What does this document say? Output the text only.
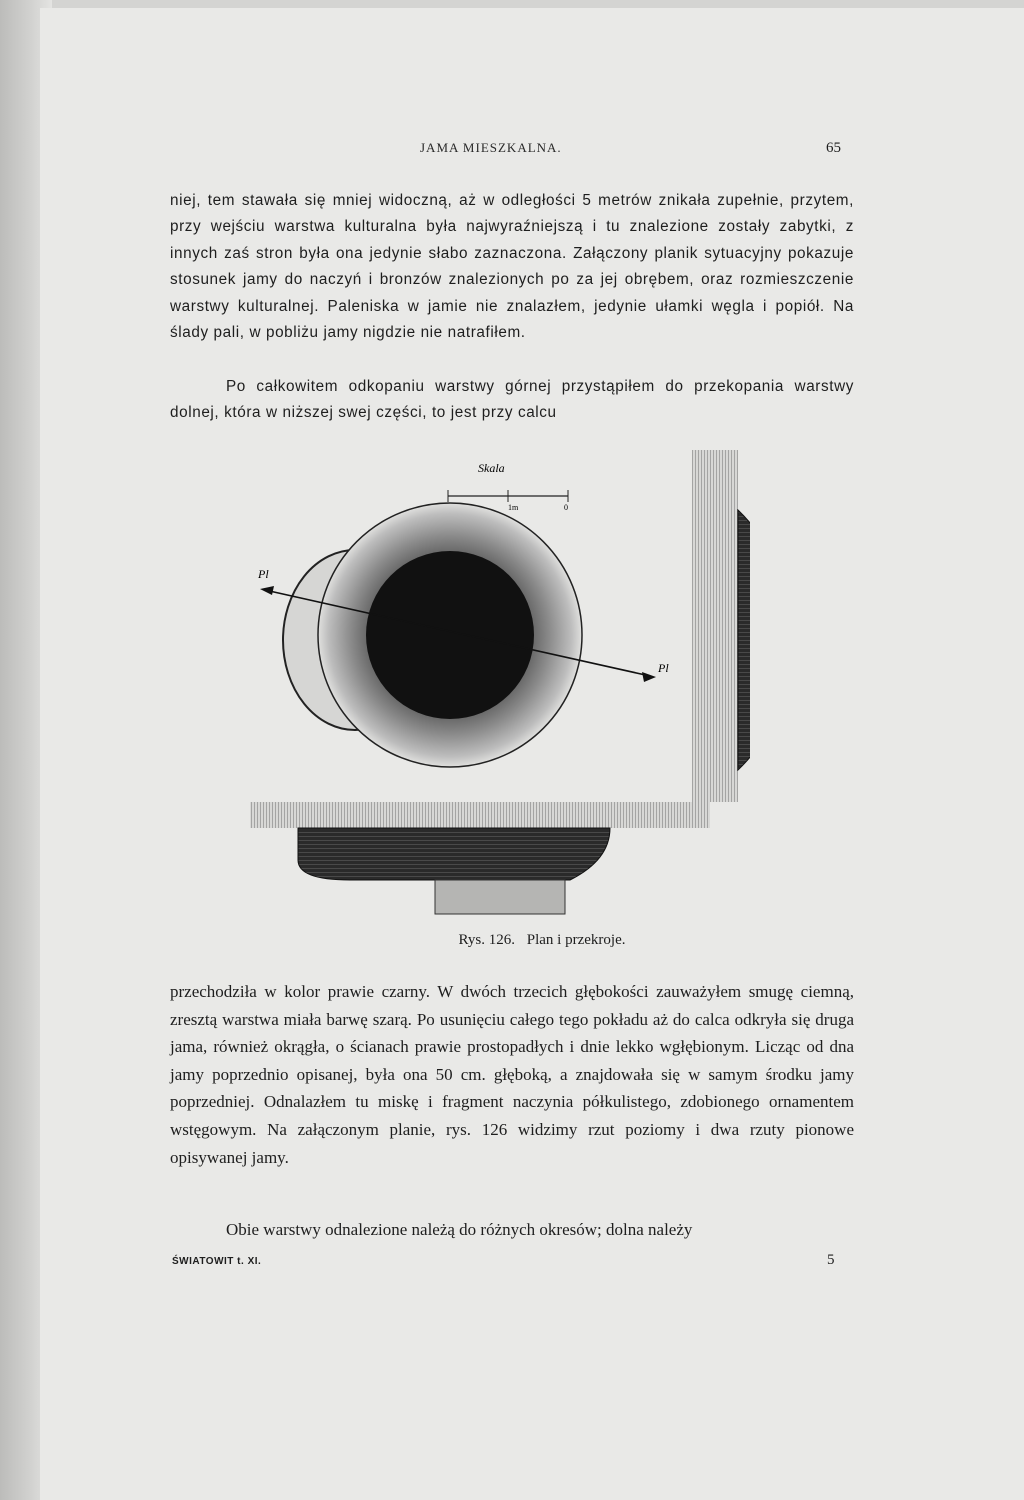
JAMA MIESZKALNA.	65

niej, tem stawała się mniej widoczną, aż w odległości 5 metrów znikała zupełnie, przytem, przy wejściu warstwa kulturalna była najwyraźniejszą i tu znalezione zostały zabytki, z innych zaś stron była ona jedynie słabo zaznaczona. Załączony planik sytuacyjny pokazuje stosunek jamy do naczyń i bronzów znalezionych po za jej obrębem, oraz rozmieszczenie warstwy kulturalnej. Paleniska w jamie nie znalazłem, jedynie ułamki węgla i popiół. Na ślady pali, w pobliżu jamy nigdzie nie natrafiłem.

Po całkowitem odkopaniu warstwy górnej przystąpiłem do przekopania warstwy dolnej, która w niższej swej części, to jest przy calcu

Skala
1m	0
Pl
Pl
Rys. 126. Plan i przekroje.

przechodziła w kolor prawie czarny. W dwóch trzecich głębokości zauważyłem smugę ciemną, zresztą warstwa miała barwę szarą. Po usunięciu całego tego pokładu aż do calca odkryła się druga jama, również okrągła, o ścianach prawie prostopadłych i dnie lekko wgłębionym. Licząc od dna jamy poprzednio opisanej, była ona 50 cm. głęboką, a znajdowała się w samym środku jamy poprzedniej. Odnalazłem tu miskę i fragment naczynia półkulistego, zdobionego ornamentem wstęgowym. Na załączonym planie, rys. 126 widzimy rzut poziomy i dwa rzuty pionowe opisywanej jamy.

Obie warstwy odnalezione należą do różnych okresów; dolna należy

ŚWIATOWIT t. XI.	5
